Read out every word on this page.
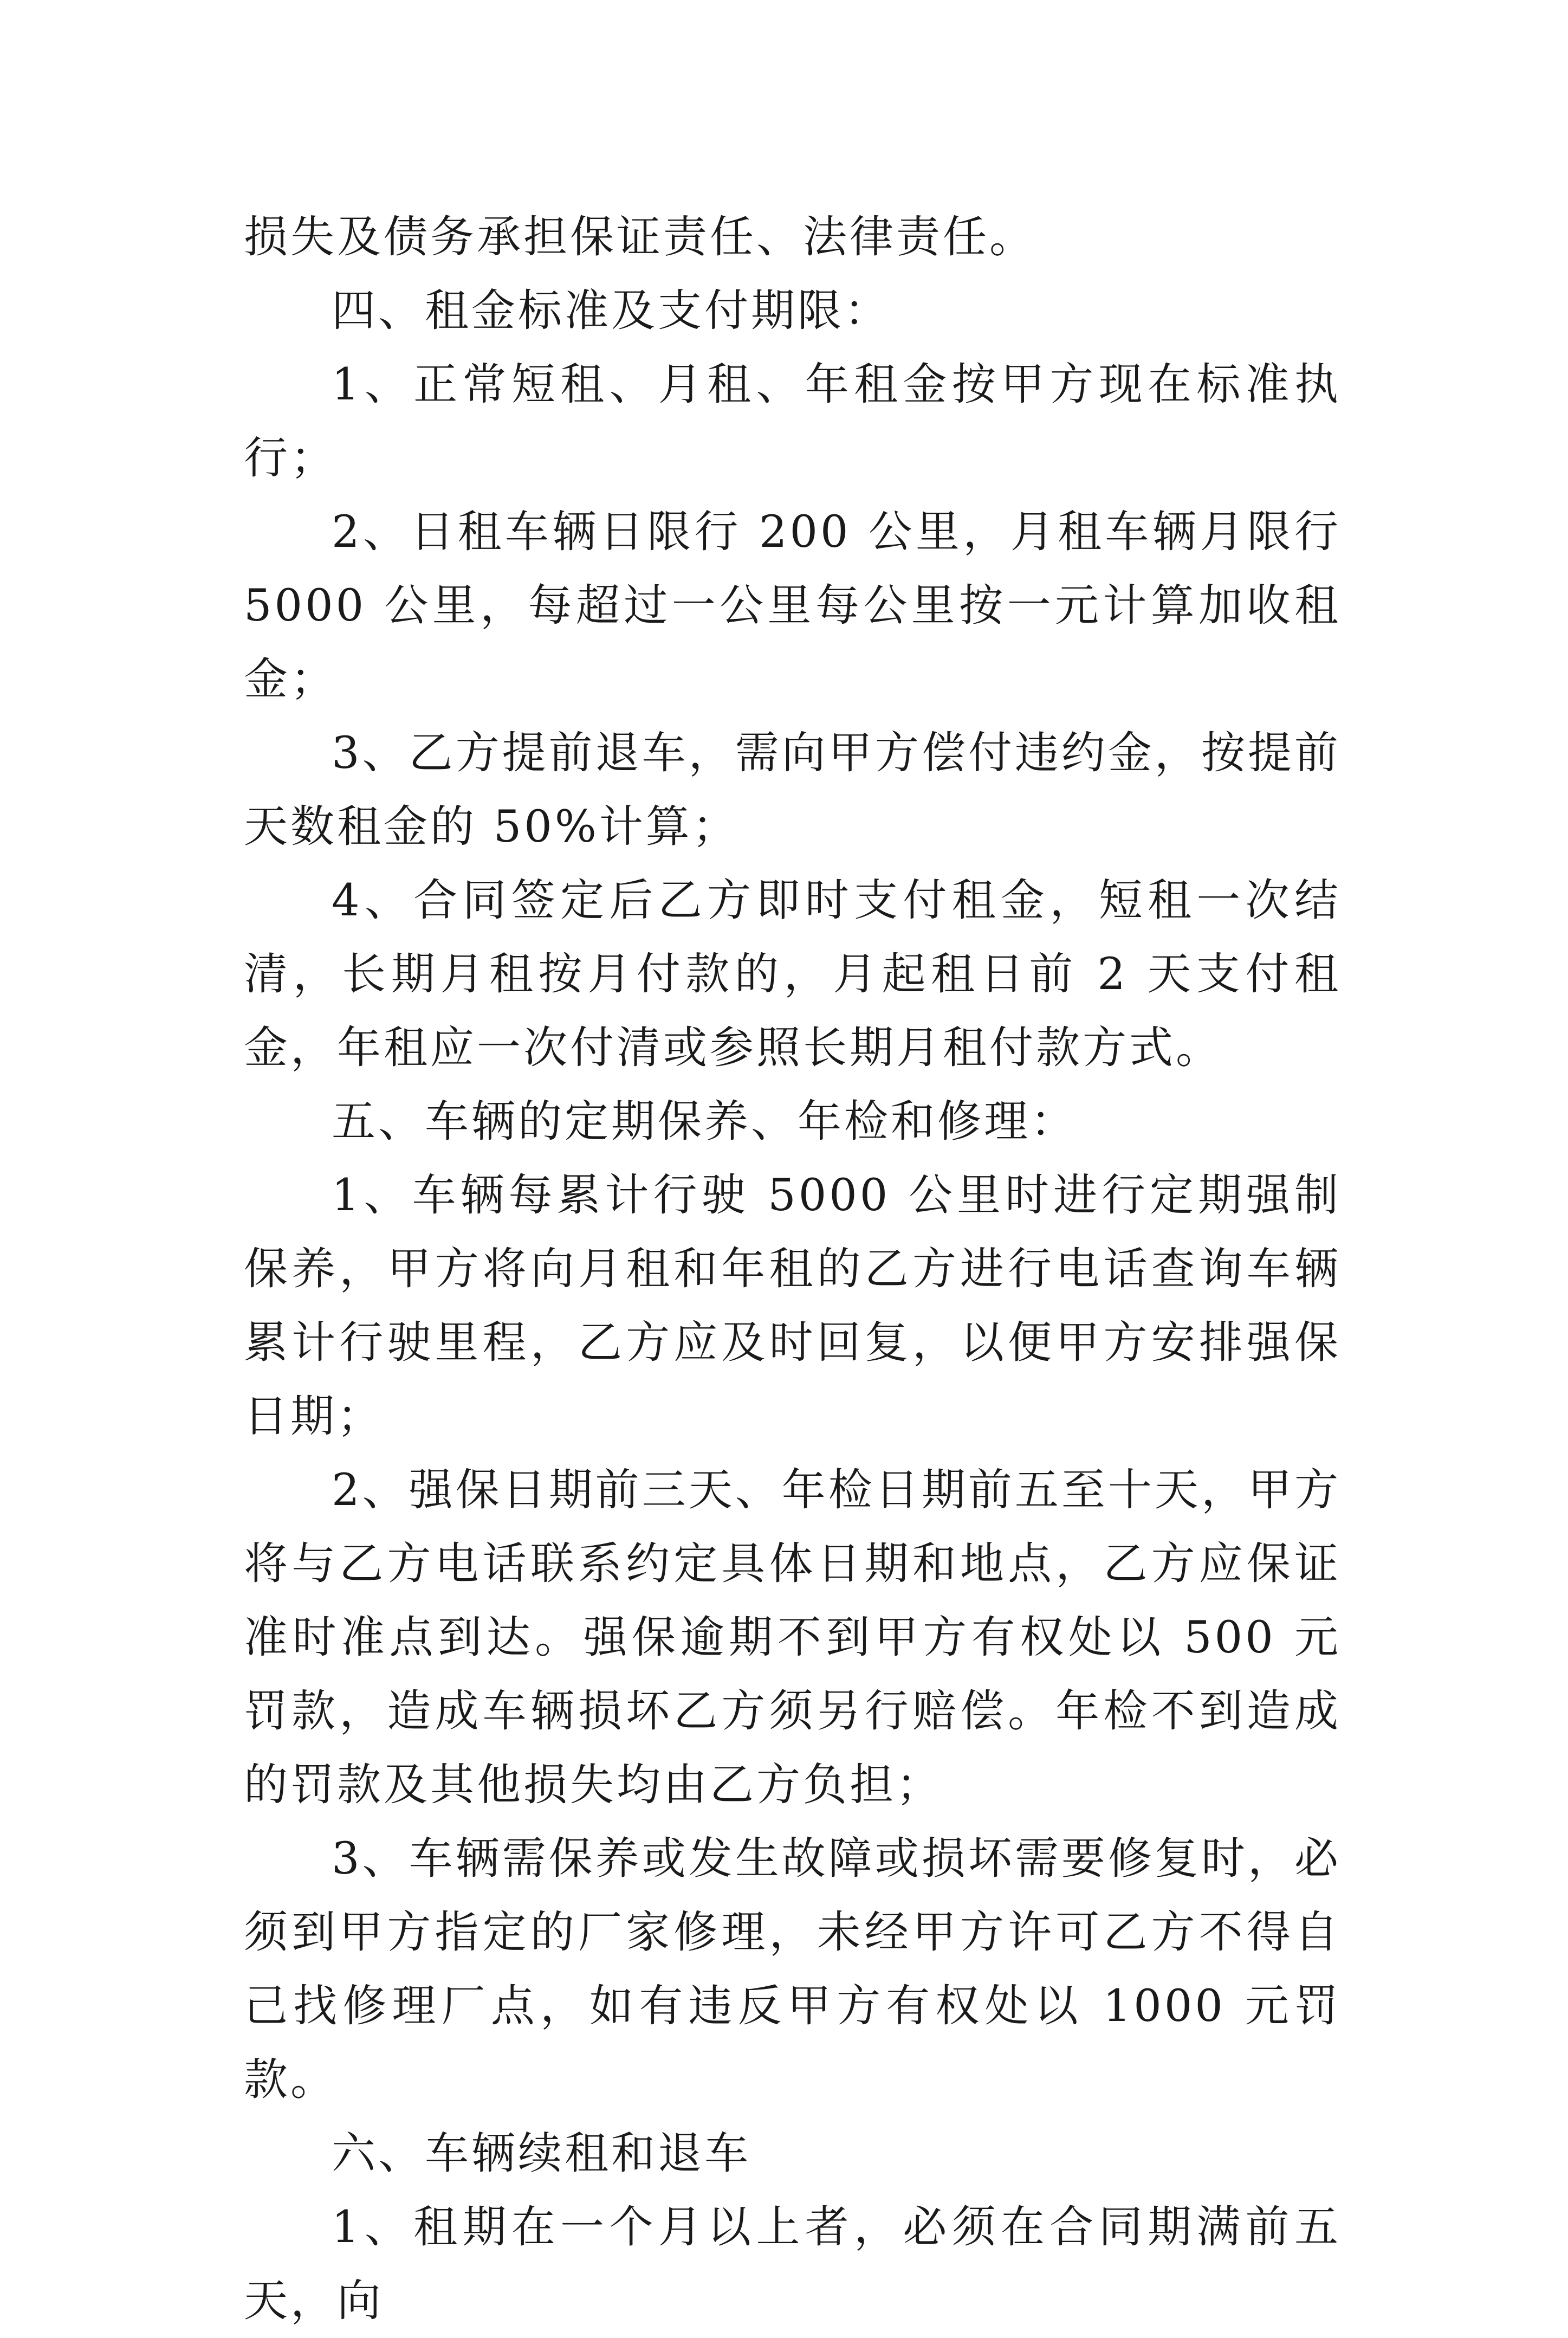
损失及债务承担保证责任、法律责任。

四、租金标准及支付期限：

1、正常短租、月租、年租金按甲方现在标准执行；

2、日租车辆日限行 200 公里，月租车辆月限行 5000 公里，每超过一公里每公里按一元计算加收租金；

3、乙方提前退车，需向甲方偿付违约金，按提前天数租金的 50%计算；

4、合同签定后乙方即时支付租金，短租一次结清，长期月租按月付款的，月起租日前 2 天支付租金，年租应一次付清或参照长期月租付款方式。

五、车辆的定期保养、年检和修理：

1、车辆每累计行驶 5000 公里时进行定期强制保养，甲方将向月租和年租的乙方进行电话查询车辆累计行驶里程，乙方应及时回复，以便甲方安排强保日期；

2、强保日期前三天、年检日期前五至十天，甲方将与乙方电话联系约定具体日期和地点，乙方应保证准时准点到达。强保逾期不到甲方有权处以 500 元罚款，造成车辆损坏乙方须另行赔偿。年检不到造成的罚款及其他损失均由乙方负担；

3、车辆需保养或发生故障或损坏需要修复时，必须到甲方指定的厂家修理，未经甲方许可乙方不得自己找修理厂点，如有违反甲方有权处以 1000 元罚款。

六、车辆续租和退车

1、租期在一个月以上者，必须在合同期满前五天，向
